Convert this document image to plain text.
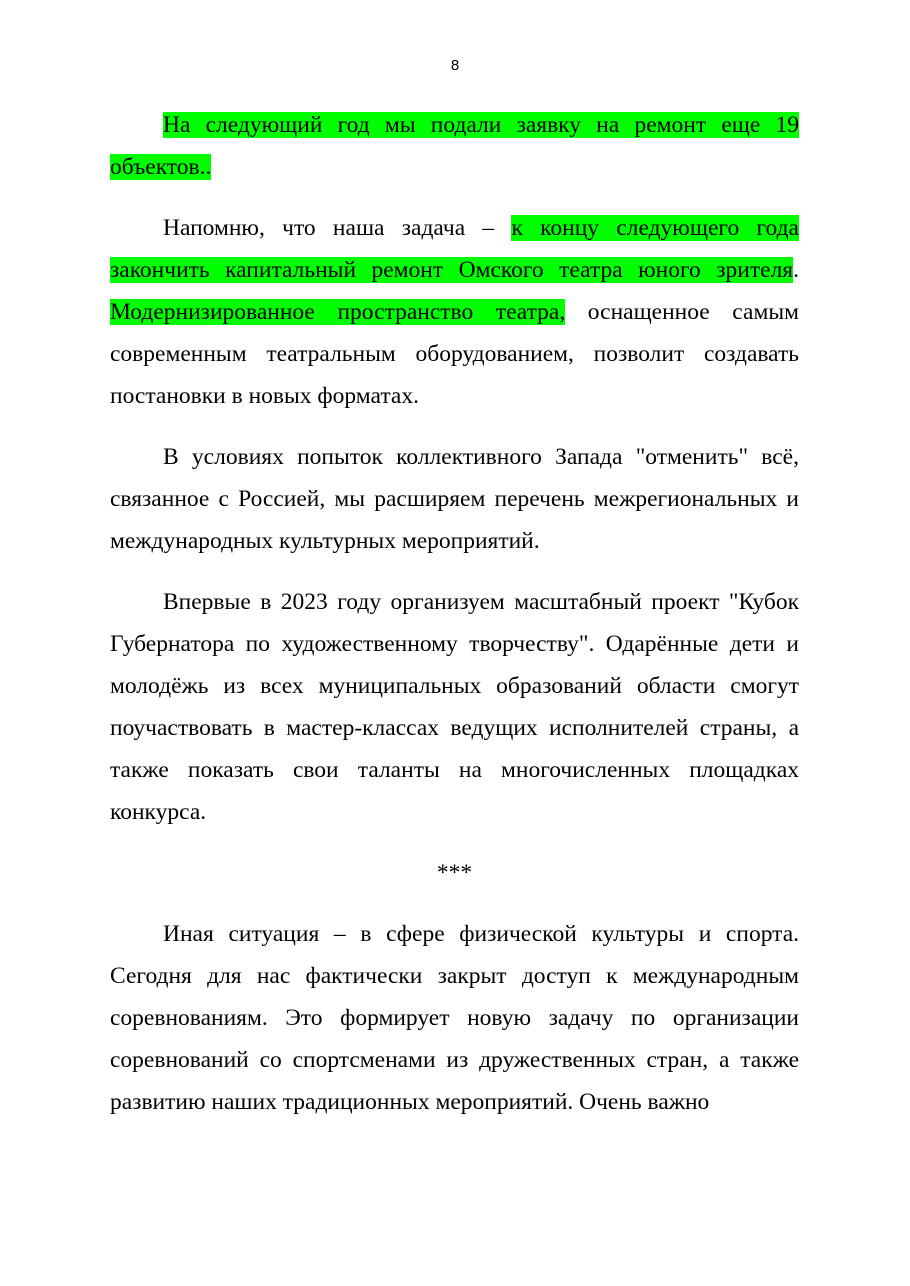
8

На следующий год мы подали заявку на ремонт еще 19 объектов..

Напомню, что наша задача – к концу следующего года закончить капитальный ремонт Омского театра юного зрителя. Модернизированное пространство театра, оснащенное самым современным театральным оборудованием, позволит создавать постановки в новых форматах.

В условиях попыток коллективного Запада "отменить" всё, связанное с Россией, мы расширяем перечень межрегиональных и международных культурных мероприятий.

Впервые в 2023 году организуем масштабный проект "Кубок Губернатора по художественному творчеству". Одарённые дети и молодёжь из всех муниципальных образований области смогут поучаствовать в мастер-классах ведущих исполнителей страны, а также показать свои таланты на многочисленных площадках конкурса.

***

Иная ситуация – в сфере физической культуры и спорта. Сегодня для нас фактически закрыт доступ к международным соревнованиям. Это формирует новую задачу по организации соревнований со спортсменами из дружественных стран, а также развитию наших традиционных мероприятий. Очень важно
